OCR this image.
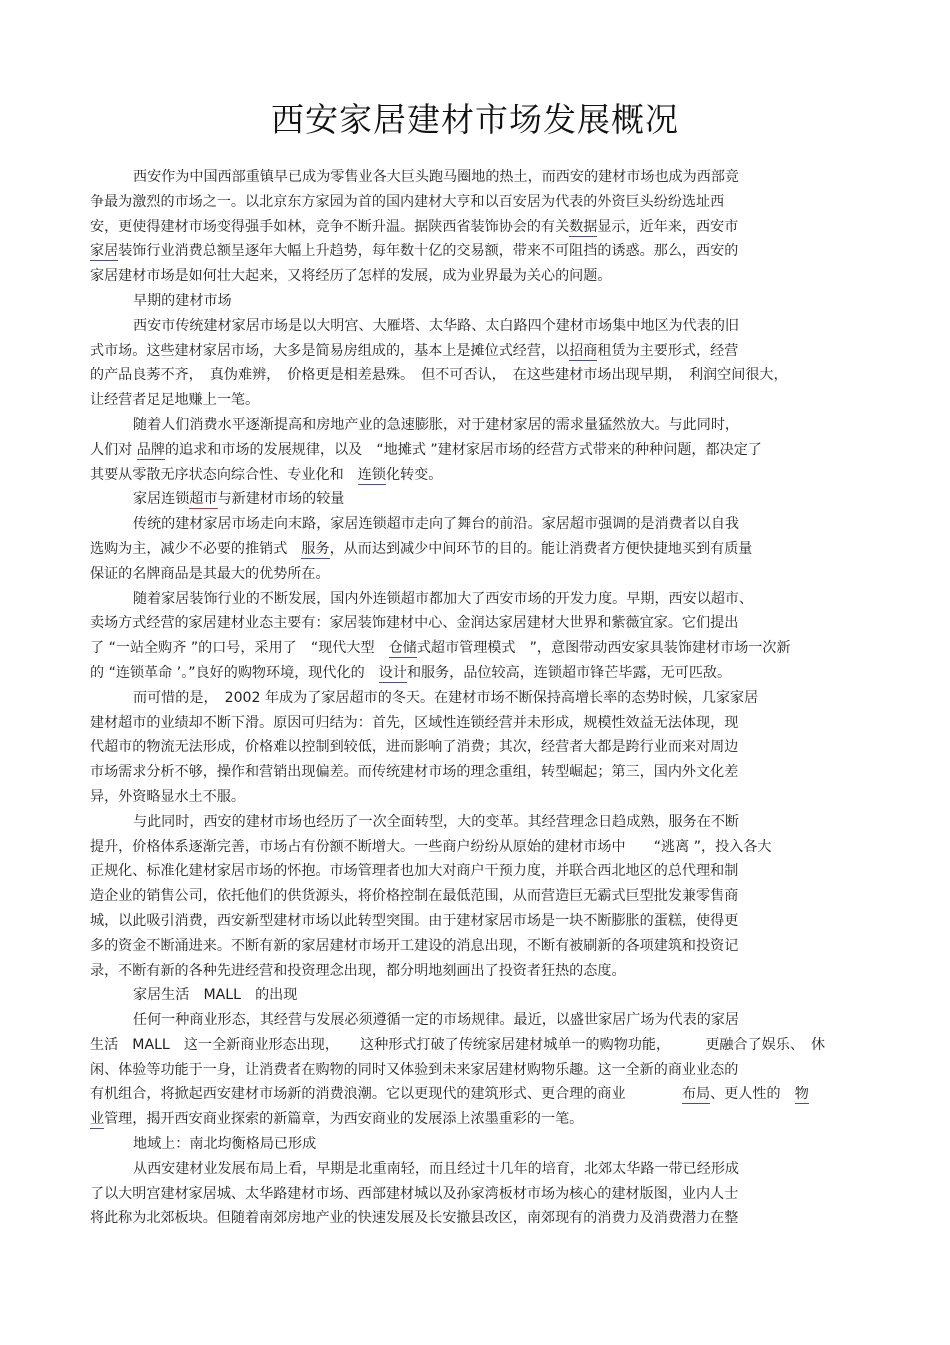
西安家居建材市场发展概况
西安作为中国西部重镇早已成为零售业各大巨头跑马圈地的热土，而西安的建材市场也成为西部竞
争最为激烈的市场之一。以北京东方家园为首的国内建材大亨和以百安居为代表的外资巨头纷纷选址西
安，更使得建材市场变得强手如林，竞争不断升温。据陕西省装饰协会的有关数据显示，近年来，西安市
家居装饰行业消费总额呈逐年大幅上升趋势，每年数十亿的交易额，带来不可阻挡的诱惑。那么，西安的
家居建材市场是如何壮大起来，又将经历了怎样的发展，成为业界最为关心的问题。
早期的建材市场
西安市传统建材家居市场是以大明宫、大雁塔、太华路、太白路四个建材市场集中地区为代表的旧
式市场。这些建材家居市场，大多是简易房组成的，基本上是摊位式经营，以招商租赁为主要形式，经营
的产品良莠不齐，　真伪难辨，　价格更是相差悬殊。　但不可否认，　在这些建材市场出现早期，　利润空间很大，
让经营者足足地赚上一笔。
随着人们消费水平逐渐提高和房地产业的急速膨胀，对于建材家居的需求量猛然放大。与此同时，
人们对 品牌的追求和市场的发展规律，以及　“地摊式 ”建材家居市场的经营方式带来的种种问题，都决定了
其要从零散无序状态向综合性、专业化和　连锁化转变。
家居连锁超市与新建材市场的较量
传统的建材家居市场走向末路，家居连锁超市走向了舞台的前沿。家居超市强调的是消费者以自我
选购为主，减少不必要的推销式　服务，从而达到减少中间环节的目的。能让消费者方便快捷地买到有质量
保证的名牌商品是其最大的优势所在。
随着家居装饰行业的不断发展，国内外连锁超市都加大了西安市场的开发力度。早期，西安以超市、
卖场方式经营的家居建材业态主要有：家居装饰建材中心、金润达家居建材大世界和紫薇宜家。它们提出
了 “一站全购齐 ”的口号，采用了　“现代大型　仓储式超市管理模式　”，意图带动西安家具装饰建材市场一次新
的 “连锁革命 ’。”良好的购物环境，现代化的　设计和服务，品位较高，连锁超市锋芒毕露，无可匹敌。
而可惜的是，　2002 年成为了家居超市的冬天。在建材市场不断保持高增长率的态势时候，几家家居
建材超市的业绩却不断下滑。原因可归结为：首先，区域性连锁经营并未形成，规模性效益无法体现，现
代超市的物流无法形成，价格难以控制到较低，进而影响了消费；其次，经营者大都是跨行业而来对周边
市场需求分析不够，操作和营销出现偏差。而传统建材市场的理念重组，转型崛起；第三，国内外文化差
异，外资略显水土不服。
与此同时，西安的建材市场也经历了一次全面转型，大的变革。其经营理念日趋成熟，服务在不断
提升，价格体系逐渐完善，市场占有份额不断增大。一些商户纷纷从原始的建材市场中　　“逃离 ”，投入各大
正规化、标准化建材家居市场的怀抱。市场管理者也加大对商户干预力度，并联合西北地区的总代理和制
造企业的销售公司，依托他们的供货源头，将价格控制在最低范围，从而营造巨无霸式巨型批发兼零售商
城，以此吸引消费，西安新型建材市场以此转型突围。由于建材家居市场是一块不断膨胀的蛋糕，使得更
多的资金不断涌进来。不断有新的家居建材市场开工建设的消息出现，不断有被刷新的各项建筑和投资记
录，不断有新的各种先进经营和投资理念出现，都分明地刻画出了投资者狂热的态度。
家居生活　MALL　的出现
任何一种商业形态，其经营与发展必须遵循一定的市场规律。最近，以盛世家居广场为代表的家居
生活　MALL　这一全新商业形态出现，　　这种形式打破了传统家居建材城单一的购物功能，　　　更融合了娱乐、　休
闲、体验等功能于一身，让消费者在购物的同时又体验到未来家居建材购物乐趣。这一全新的商业业态的
有机组合，将掀起西安建材市场新的消费浪潮。它以更现代的建筑形式、更合理的商业　　　　布局、更人性的　物
业管理，揭开西安商业探索的新篇章，为西安商业的发展添上浓墨重彩的一笔。
地域上：南北均衡格局已形成
从西安建材业发展布局上看，早期是北重南轻，而且经过十几年的培育，北郊太华路一带已经形成
了以大明宫建材家居城、太华路建材市场、西部建材城以及孙家湾板材市场为核心的建材版图，业内人士
将此称为北郊板块。但随着南郊房地产业的快速发展及长安撤县改区，南郊现有的消费力及消费潜力在整
